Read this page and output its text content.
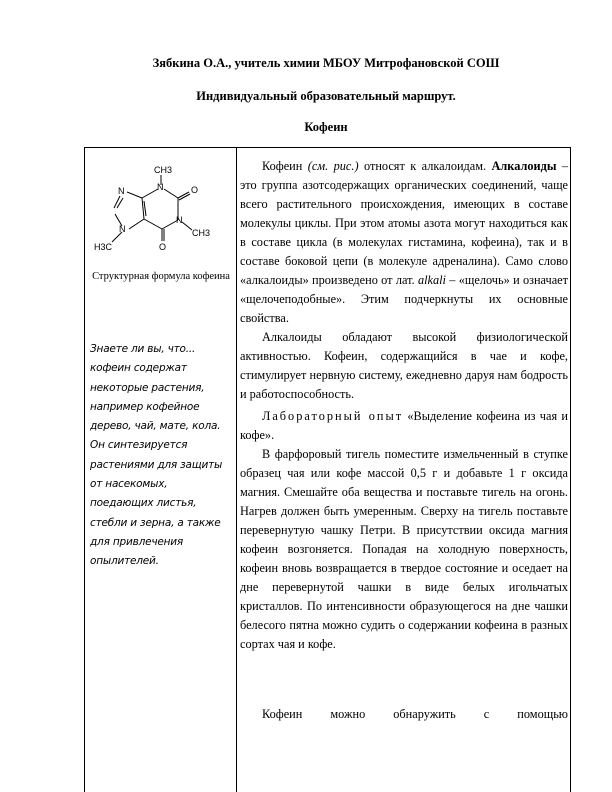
Зябкина О.А., учитель химии МБОУ Митрофановской СОШ
Индивидуальный образовательный маршрут.
Кофеин
CH3
N	O
N
N
N	CH3
O
H3C
Структурная формула кофеина
Знаете ли вы, что... кофеин содержат некоторые растения, например кофейное дерево, чай, мате, кола. Он синтезируется растениями для защиты от насекомых, поедающих листья, стебли и зерна, а также для привлечения опылителей.

Кофеин (см. рис.) относят к алкалоидам. Алкалоиды – это группа азотсодержащих органических соединений, чаще всего растительного происхождения, имеющих в составе молекулы циклы. При этом атомы азота могут находиться как в составе цикла (в молекулах гистамина, кофеина), так и в составе боковой цепи (в молекуле адреналина). Само слово «алкалоиды» произведено от лат. alkali – «щелочь» и означает «щелочеподобные». Этим подчеркнуты их основные свойства.

Алкалоиды обладают высокой физиологической активностью. Кофеин, содержащийся в чае и кофе, стимулирует нервную систему, ежедневно даруя нам бодрость и работоспособность.

Лабораторный опыт «Выделение кофеина из чая и кофе».

В фарфоровый тигель поместите измельченный в ступке образец чая или кофе массой 0,5 г и добавьте 1 г оксида магния. Смешайте оба вещества и поставьте тигель на огонь. Нагрев должен быть умеренным. Сверху на тигель поставьте перевернутую чашку Петри. В присутствии оксида магния кофеин возгоняется. Попадая на холодную поверхность, кофеин вновь возвращается в твердое состояние и оседает на дне перевернутой чашки в виде белых игольчатых кристаллов. По интенсивности образующегося на дне чашки белесого пятна можно судить о содержании кофеина в разных сортах чая и кофе.

Кофеин можно обнаружить с помощью
